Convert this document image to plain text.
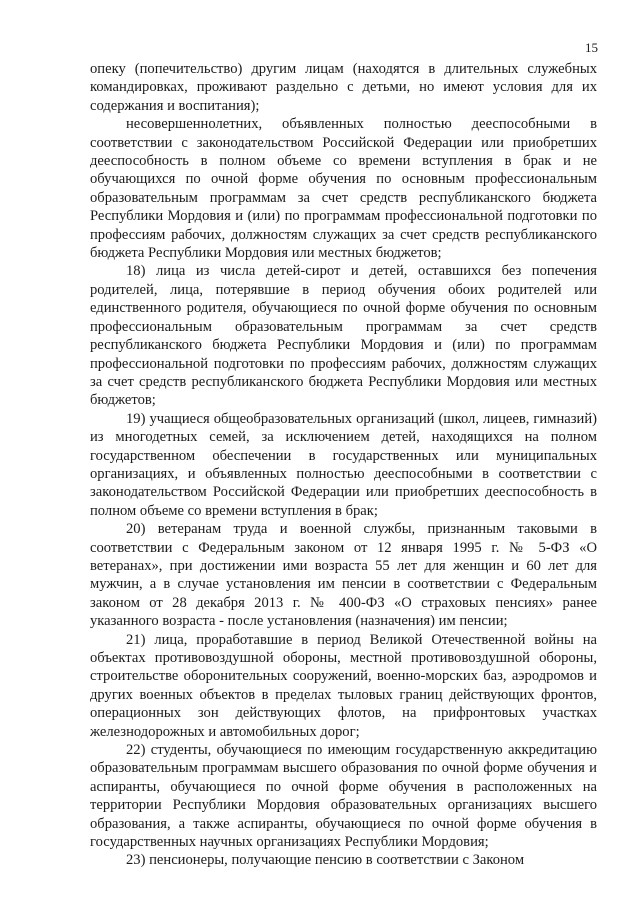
15

опеку (попечительство) другим лицам (находятся в длительных служебных командировках, проживают раздельно с детьми, но имеют условия для их содержания и воспитания);

несовершеннолетних, объявленных полностью дееспособными в соответствии с законодательством Российской Федерации или приобретших дееспособность в полном объеме со времени вступления в брак и не обучающихся по очной форме обучения по основным профессиональным образовательным программам за счет средств республиканского бюджета Республики Мордовия и (или) по программам профессиональной подготовки по профессиям рабочих, должностям служащих за счет средств республиканского бюджета Республики Мордовия или местных бюджетов;

18) лица из числа детей-сирот и детей, оставшихся без попечения родителей, лица, потерявшие в период обучения обоих родителей или единственного родителя, обучающиеся по очной форме обучения по основным профессиональным образовательным программам за счет средств республиканского бюджета Республики Мордовия и (или) по программам профессиональной подготовки по профессиям рабочих, должностям служащих за счет средств республиканского бюджета Республики Мордовия или местных бюджетов;

19) учащиеся общеобразовательных организаций (школ, лицеев, гимназий) из многодетных семей, за исключением детей, находящихся на полном государственном обеспечении в государственных или муниципальных организациях, и объявленных полностью дееспособными в соответствии с законодательством Российской Федерации или приобретших дееспособность в полном объеме со времени вступления в брак;

20) ветеранам труда и военной службы, признанным таковыми в соответствии с Федеральным законом от 12 января 1995 г. № 5-ФЗ «О ветеранах», при достижении ими возраста 55 лет для женщин и 60 лет для мужчин, а в случае установления им пенсии в соответствии с Федеральным законом от 28 декабря 2013 г. № 400-ФЗ «О страховых пенсиях» ранее указанного возраста - после установления (назначения) им пенсии;

21) лица, проработавшие в период Великой Отечественной войны на объектах противовоздушной обороны, местной противовоздушной обороны, строительстве оборонительных сооружений, военно-морских баз, аэродромов и других военных объектов в пределах тыловых границ действующих фронтов, операционных зон действующих флотов, на прифронтовых участках железнодорожных и автомобильных дорог;

22) студенты, обучающиеся по имеющим государственную аккредитацию образовательным программам высшего образования по очной форме обучения и аспиранты, обучающиеся по очной форме обучения в расположенных на территории Республики Мордовия образовательных организациях высшего образования, а также аспиранты, обучающиеся по очной форме обучения в государственных научных организациях Республики Мордовия;

23) пенсионеры, получающие пенсию в соответствии с Законом
